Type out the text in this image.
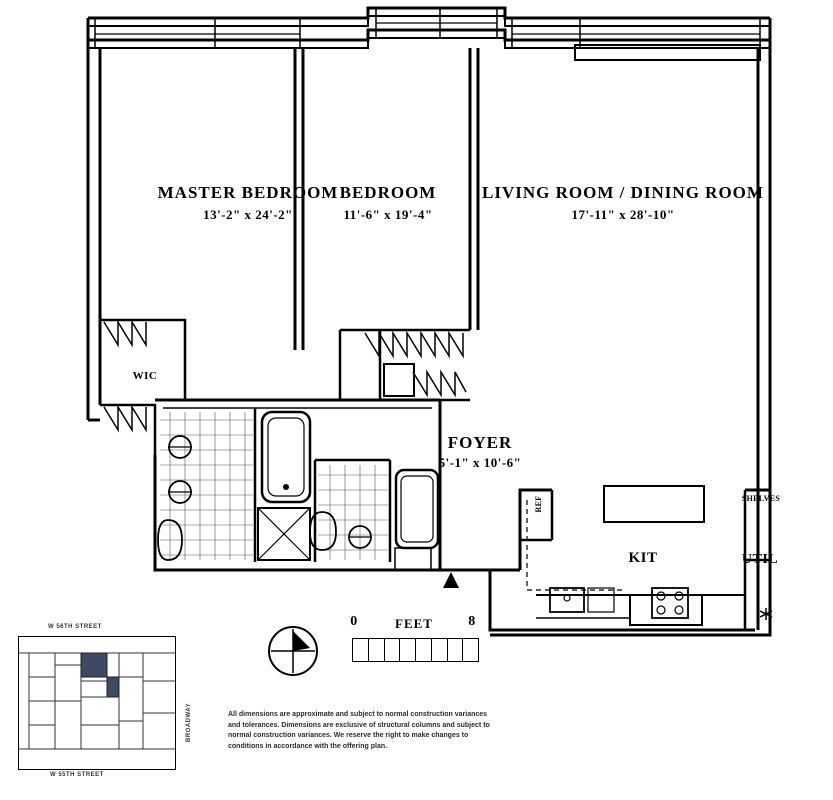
MASTER BEDROOM
13'-2" x 24'-2"
BEDROOM
11'-6" x 19'-4"
LIVING ROOM / DINING ROOM
17'-11" x 28'-10"
FOYER
5'-1" x 10'-6"
WIC
KIT	UTIL
SHELVES
REF
0	FEET	8
W 56TH STREET
W 55TH STREET
BROADWAY	All dimensions are approximate and subject to normal construction variances and tolerances. Dimensions are exclusive of structural columns and subject to normal construction variances. We reserve the right to make changes to conditions in accordance with the offering plan.
